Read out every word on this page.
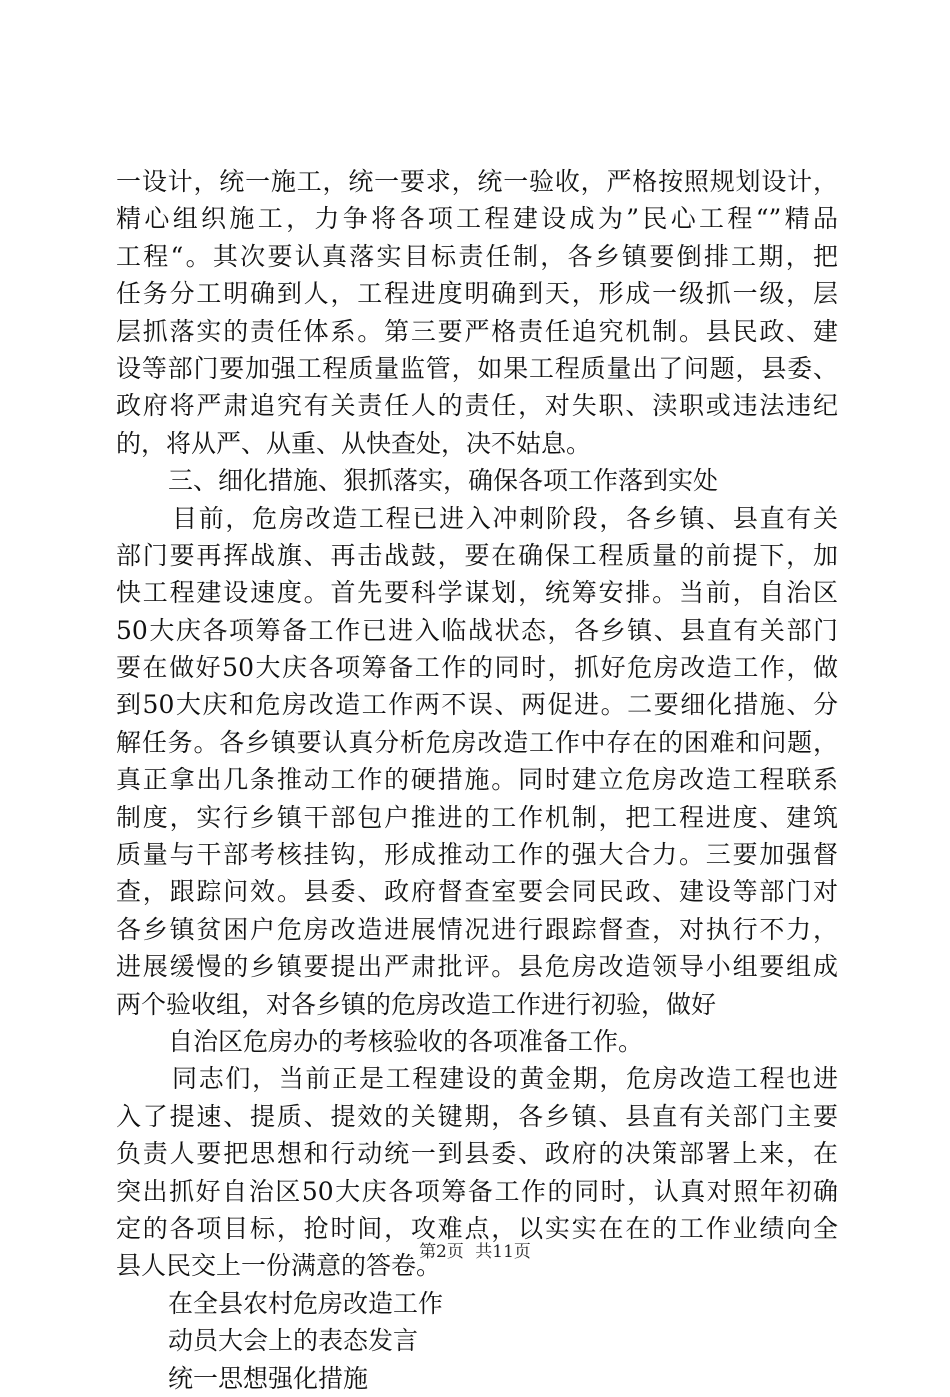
一设计，统一施工，统一要求，统一验收，严格按照规划设计，
精心组织施工，力争将各项工程建设成为”民心工程“”精品
工程“。其次要认真落实目标责任制，各乡镇要倒排工期，把
任务分工明确到人，工程进度明确到天，形成一级抓一级，层
层抓落实的责任体系。第三要严格责任追究机制。县民政、建
设等部门要加强工程质量监管，如果工程质量出了问题，县委、
政府将严肃追究有关责任人的责任，对失职、渎职或违法违纪
的，将从严、从重、从快查处，决不姑息。
三、细化措施、狠抓落实，确保各项工作落到实处
目前，危房改造工程已进入冲刺阶段，各乡镇、县直有关
部门要再挥战旗、再击战鼓，要在确保工程质量的前提下，加
快工程建设速度。首先要科学谋划，统筹安排。当前，自治区
50大庆各项筹备工作已进入临战状态，各乡镇、县直有关部门
要在做好50大庆各项筹备工作的同时，抓好危房改造工作，做
到50大庆和危房改造工作两不误、两促进。二要细化措施、分
解任务。各乡镇要认真分析危房改造工作中存在的困难和问题，
真正拿出几条推动工作的硬措施。同时建立危房改造工程联系
制度，实行乡镇干部包户推进的工作机制，把工程进度、建筑
质量与干部考核挂钩，形成推动工作的强大合力。三要加强督
查，跟踪问效。县委、政府督查室要会同民政、建设等部门对
各乡镇贫困户危房改造进展情况进行跟踪督查，对执行不力，
进展缓慢的乡镇要提出严肃批评。县危房改造领导小组要组成
两个验收组，对各乡镇的危房改造工作进行初验，做好
自治区危房办的考核验收的各项准备工作。
同志们，当前正是工程建设的黄金期，危房改造工程也进
入了提速、提质、提效的关键期，各乡镇、县直有关部门主要
负责人要把思想和行动统一到县委、政府的决策部署上来，在
突出抓好自治区50大庆各项筹备工作的同时，认真对照年初确
定的各项目标，抢时间，攻难点，以实实在在的工作业绩向全
县人民交上一份满意的答卷。
在全县农村危房改造工作
动员大会上的表态发言
统一思想强化措施
第2页 共11页
